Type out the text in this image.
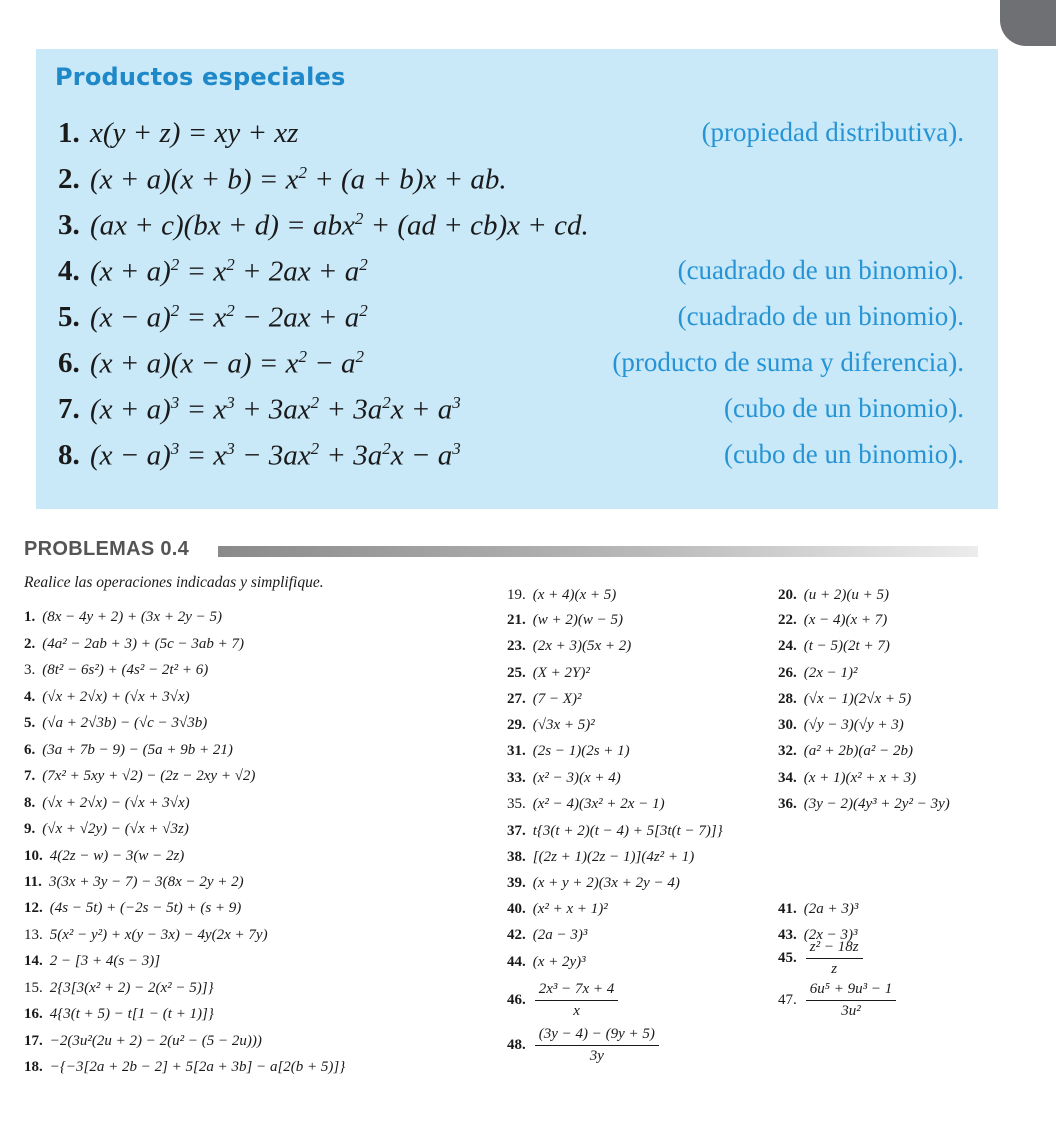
Productos especiales
1. x(y + z) = xy + xz	(propiedad distributiva).
2. $(x + a)(x + b) = x^2 + (a + b)x$ + ab.
3. (ax + c)(bx + d) = abx$^2$ + (ad + cb)x + cd.
4. $(x + a)^2 = x^2 + 2ax + a^2$	(cuadrado de un binomio).
5. $(x - a)^2 = x^2 - 2ax + a^2$	(cuadrado de un binomio).
6. $(x + a)(x - a) = x^2 - a^2$	(producto de suma y diferencia).
7. $(x + a)^3 = x^3 + 3ax^2 + 3a^2x + a^3$	(cubo de un binomio).
8. $(x - a)^3 = x^3 - 3ax^2 + 3a^2x - a^3$	(cubo de un binomio).
PROBLEMAS 0.4
Realice las operaciones indicadas y simplifique.
1. (8x − 4y + 2) + (3x + 2y − 5)
2. (4a² − 2ab + 3) + (5c − 3ab + 7)
3. (8t² − 6s²) + (4s² − 2t² + 6)
4. (√x + 2√x) + (√x + 3√x)
5. (√a + 2√3b) − (√c − 3√3b)
6. (3a + 7b − 9) − (5a + 9b + 21)
7. (7x² + 5xy + √2) − (2z − 2xy + √2)
8. (√x + 2√x) − (√x + 3√x)
9. (√x + √2y) − (√x + √3z)
10. 4(2z − w) − 3(w − 2z)
11. 3(3x + 3y − 7) − 3(8x − 2y + 2)
12. (4s − 5t) + (−2s − 5t) + (s + 9)
13. 5(x² − y²) + x(y − 3x) − 4y(2x + 7y)
14. 2 − [3 + 4(s − 3)]
15. 2{3[3(x² + 2) − 2(x² − 5)]}
16. 4{3(t + 5) − t[1 − (t + 1)]}
17. −2(3u²(2u + 2) − 2(u² − (5 − 2u)))
18. −{−3[2a + 2b − 2] + 5[2a + 3b] − a[2(b + 5)]}
19. (x + 4)(x + 5)
21. (w + 2)(w − 5)
23. (2x + 3)(5x + 2)
25. (X + 2Y)²
27. (7 − X)²
29. (√3x + 5)²
31. (2s − 1)(2s + 1)
33. (x² − 3)(x + 4)
35. (x² − 4)(3x² + 2x − 1)
37. t{3(t + 2)(t − 4) + 5[3t(t − 7)]}
38. [(2z + 1)(2z − 1)](4z² + 1)
39. (x + y + 2)(3x + 2y − 4)
40. (x² + x + 1)²
42. (2a − 3)³
44. (x + 2y)³
46. $\frac{\text{2x³ − 7x + 4}}{x}$
48. $\frac{(3y - 4) - (9y + 5)}{3y}$
20. (u + 2)(u + 5)
22. (x − 4)(x + 7)
24. (t − 5)(2t + 7)
26. (2x − 1)²
28. (√x − 1)(2√x + 5)
30. (√y − 3)(√y + 3)
32. (a² + 2b)(a² − 2b)
34. (x + 1)(x² + x + 3)
36. (3y − 2)(4y³ + 2y² − 3y)
41. (2a + 3)³
43. (2x − 3)³
45. $\frac{\text{z² − 18z}}{z}$
47. $\frac{\text{6u⁵ + 9u³ − 1}}{\text{3u²}}$
